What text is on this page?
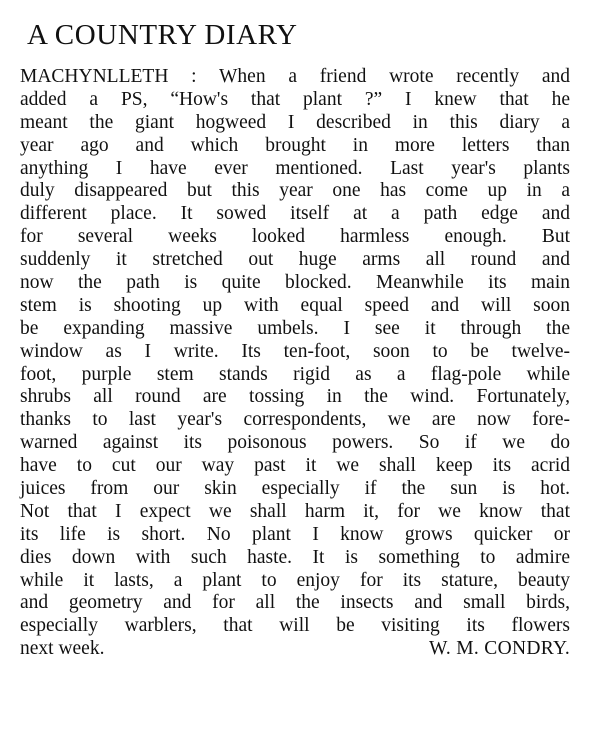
A COUNTRY DIARY
MACHYNLLETH : When a friend wrote recently and
added a PS, “How's that plant ?” I knew that he
meant the giant hogweed I described in this diary a
year ago and which brought in more letters than
anything I have ever mentioned. Last year's plants
duly disappeared but this year one has come up in a
different place. It sowed itself at a path edge and
for several weeks looked harmless enough. But
suddenly it stretched out huge arms all round and
now the path is quite blocked. Meanwhile its main
stem is shooting up with equal speed and will soon
be expanding massive umbels. I see it through the
window as I write. Its ten-foot, soon to be twelve-
foot, purple stem stands rigid as a flag-pole while
shrubs all round are tossing in the wind. Fortunately,
thanks to last year's correspondents, we are now fore-
warned against its poisonous powers. So if we do
have to cut our way past it we shall keep its acrid
juices from our skin especially if the sun is hot.
Not that I expect we shall harm it, for we know that
its life is short. No plant I know grows quicker or
dies down with such haste. It is something to admire
while it lasts, a plant to enjoy for its stature, beauty
and geometry and for all the insects and small birds,
especially warblers, that will be visiting its flowers
next week.	W. M. CONDRY.
